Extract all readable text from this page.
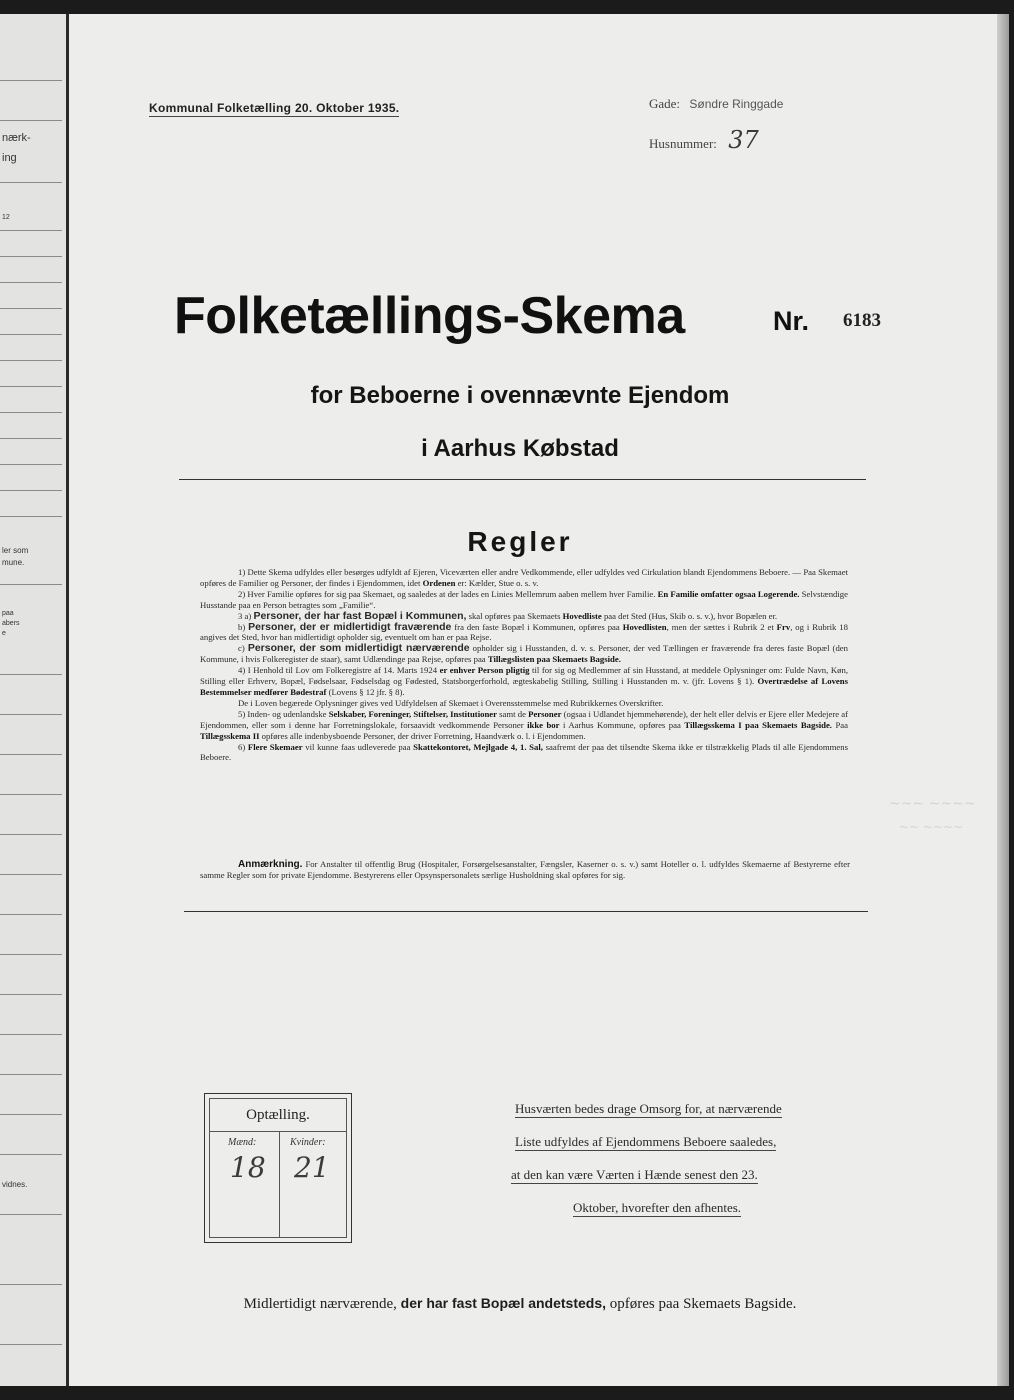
nærk-
ing
12
ler som
mune.
paa
abers
e
vidnes.
Kommunal Folketælling 20. Oktober 1935.	Gade: Søndre Ringgade
Husnummer: 37
Folketællings-Skema	Nr. 6183
for Beboerne i ovennævnte Ejendom
i Aarhus Købstad
Regler

1) Dette Skema udfyldes eller besørges udfyldt af Ejeren, Viceværten eller andre Vedkommende, eller udfyldes ved Cirkulation blandt Ejendommens Beboere. — Paa Skemaet opføres de Familier og Personer, der findes i Ejendommen, idet Ordenen er: Kælder, Stue o. s. v.

2) Hver Familie opføres for sig paa Skemaet, og saaledes at der lades en Linies Mellemrum aaben mellem hver Familie. En Familie omfatter ogsaa Logerende. Selvstændige Husstande paa en Person betragtes som „Familie“.

3 a) Personer, der har fast Bopæl i Kommunen, skal opføres paa Skemaets Hovedliste paa det Sted (Hus, Skib o. s. v.), hvor Bopælen er.

b) Personer, der er midlertidigt fraværende fra den faste Bopæl i Kommunen, opføres paa Hovedlisten, men der sættes i Rubrik 2 et Frv, og i Rubrik 18 angives det Sted, hvor han midlertidigt opholder sig, eventuelt om han er paa Rejse.

c) Personer, der som midlertidigt nærværende opholder sig i Husstanden, d. v. s. Personer, der ved Tællingen er fraværende fra deres faste Bopæl (den Kommune, i hvis Folkeregister de staar), samt Udlændinge paa Rejse, opføres paa Tillægslisten paa Skemaets Bagside.

4) I Henhold til Lov om Folkeregistre af 14. Marts 1924 er enhver Person pligtig til for sig og Medlemmer af sin Husstand, at meddele Oplysninger om: Fulde Navn, Køn, Stilling eller Erhverv, Bopæl, Fødselsaar, Fødselsdag og Fødested, Statsborgerforhold, ægteskabelig Stilling, Stilling i Husstanden m. v. (jfr. Lovens § 1). Overtrædelse af Lovens Bestemmelser medfører Bødestraf (Lovens § 12 jfr. § 8).

De i Loven begærede Oplysninger gives ved Udfyldelsen af Skemaet i Overensstemmelse med Rubrikkernes Overskrifter.

5) Inden- og udenlandske Selskaber, Foreninger, Stiftelser, Institutioner samt de Personer (ogsaa i Udlandet hjemmehørende), der helt eller delvis er Ejere eller Medejere af Ejendommen, eller som i denne har Forretningslokale, forsaavidt vedkommende Personer ikke bor i Aarhus Kommune, opføres paa Tillægsskema I paa Skemaets Bagside. Paa Tillægsskema II opføres alle indenbysboende Personer, der driver Forretning, Haandværk o. l. i Ejendommen.

6) Flere Skemaer vil kunne faas udleverede paa Skattekontoret, Mejlgade 4, 1. Sal, saafremt der paa det tilsendte Skema ikke er tilstrækkelig Plads til alle Ejendommens Beboere.

Anmærkning. For Anstalter til offentlig Brug (Hospitaler, Forsørgelsesanstalter, Fængsler, Kaserner o. s. v.) samt Hoteller o. l. udfyldes Skemaerne af Bestyrerne efter samme Regler som for private Ejendomme. Bestyrerens eller Opsynspersonalets særlige Husholdning skal opføres for sig.
Optælling.
Mænd:	Kvinder:
18 21
Husværten bedes drage Omsorg for, at nærværende
Liste udfyldes af Ejendommens Beboere saaledes,
at den kan være Værten i Hænde senest den 23.
Oktober, hvorefter den afhentes.
Midlertidigt nærværende, der har fast Bopæl andetsteds, opføres paa Skemaets Bagside.
~~~ ~~~~
~~ ~~~~
